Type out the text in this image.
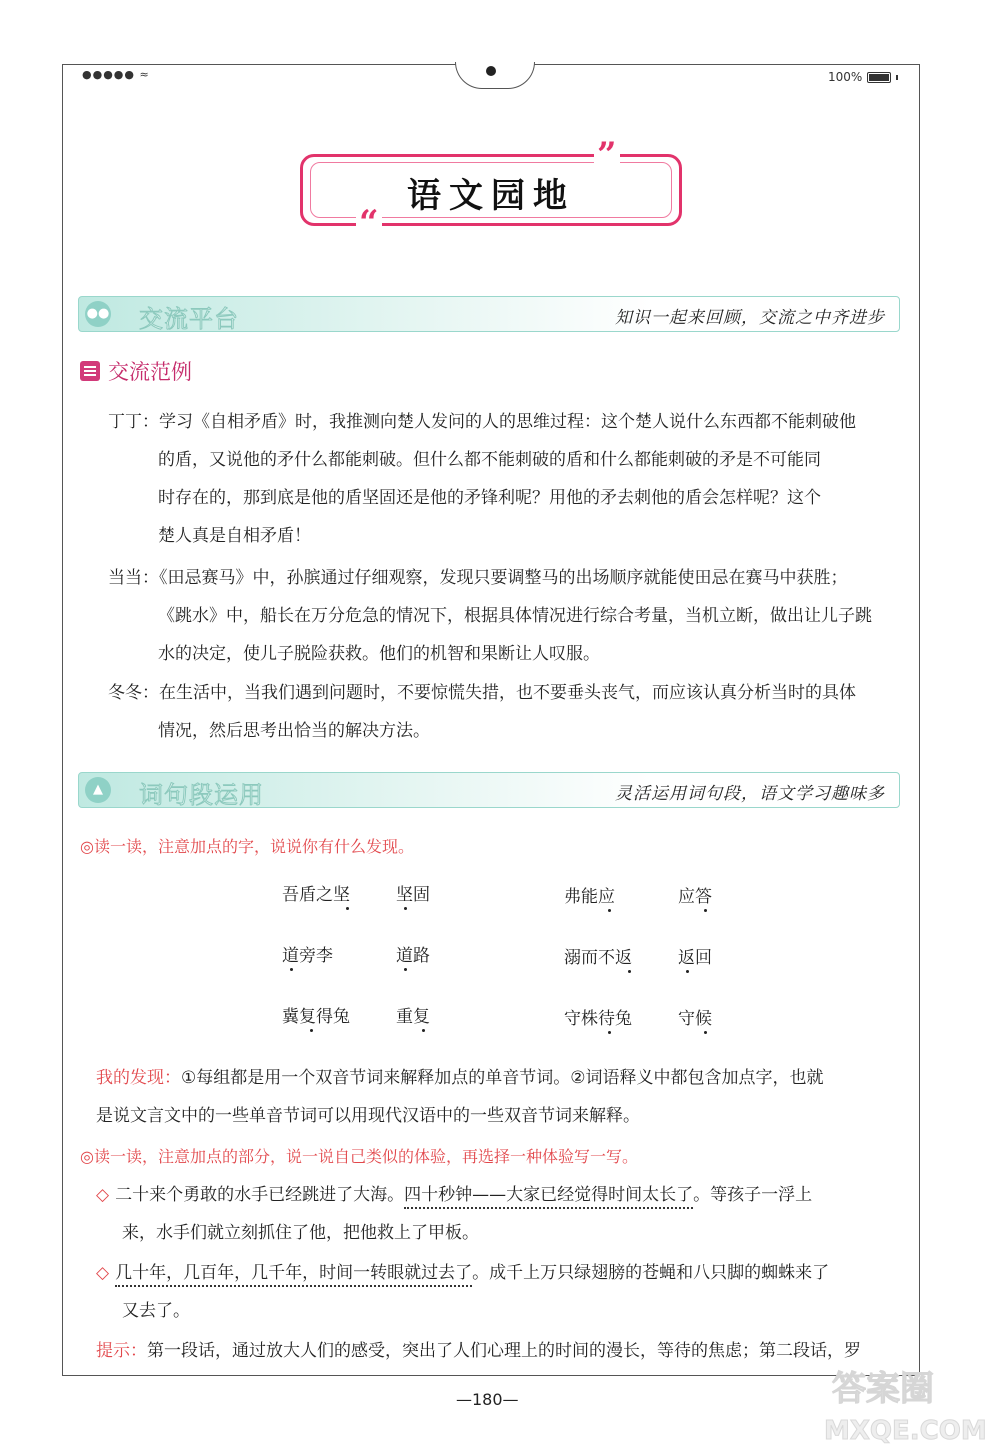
●●●●● ≈	100%
语文园地
”
“
●● 交流平台	知识一起来回顾，交流之中齐进步
交流范例
丁丁：学习《自相矛盾》时，我推测向楚人发问的人的思维过程：这个楚人说什么东西都不能刺破他
的盾，又说他的矛什么都能刺破。但什么都不能刺破的盾和什么都能刺破的矛是不可能同
时存在的，那到底是他的盾坚固还是他的矛锋利呢？用他的矛去刺他的盾会怎样呢？这个
楚人真是自相矛盾！
当当：《田忌赛马》中，孙膑通过仔细观察，发现只要调整马的出场顺序就能使田忌在赛马中获胜；
《跳水》中，船长在万分危急的情况下，根据具体情况进行综合考量，当机立断，做出让儿子跳
水的决定，使儿子脱险获救。他们的机智和果断让人叹服。
冬冬：在生活中，当我们遇到问题时，不要惊慌失措，也不要垂头丧气，而应该认真分析当时的具体
情况，然后思考出恰当的解决方法。
▲	词句段运用	灵活运用词句段，语文学习趣味多
◎读一读，注意加点的字，说说你有什么发现。
吾盾之坚	坚固	弗能应	应答
道旁李	道路	溺而不返	返回
冀复得兔	重复	守株待兔	守候
我的发现：①每组都是用一个双音节词来解释加点的单音节词。②词语释义中都包含加点字，也就
是说文言文中的一些单音节词可以用现代汉语中的一些双音节词来解释。
◎读一读，注意加点的部分，说一说自己类似的体验，再选择一种体验写一写。
◇ 二十来个勇敢的水手已经跳进了大海。四十秒钟——大家已经觉得时间太长了。等孩子一浮上
来，水手们就立刻抓住了他，把他救上了甲板。
◇ 几十年，几百年，几千年，时间一转眼就过去了。成千上万只绿翅膀的苍蝇和八只脚的蜘蛛来了
又去了。
提示：第一段话，通过放大人们的感受，突出了人们心理上的时间的漫长，等待的焦虑；第二段话，罗
—180—	答案圈
MXQE.COM
